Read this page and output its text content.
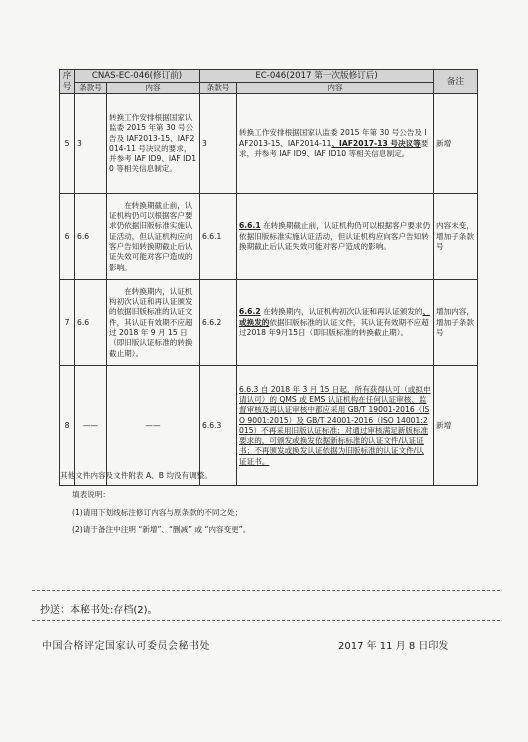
序号	CNAS-EC-046(修订前)		EC-046(2017 第一次版修订后)		备注
	条款号	内容	条款号	内容	
5	3	转换工作安排根据国家认监委 2015 年第 30 号公告及 IAF2013-15、IAF2014-11 号决议的要求，并参考 IAF ID9、IAF ID10 等相关信息制定。	3	转换工作安排根据国家认监委 2015 年第 30 号公告及 IAF2013-15、IAF2014-11、IAF2017-13 号决议等要求，并参考 IAF ID9、IAF ID10 等相关信息制定。	新增
6	6.6	在转换期截止前，认证机构仍可以根据客户要求仍依据旧版标准实施认证活动，但认证机构应向客户告知转换期截止后认证失效可能对客户造成的影响。	6.6.1	6.6.1 在转换期截止前，认证机构仍可以根据客户要求仍依据旧版标准实施认证活动，但认证机构应向客户告知转换期截止后认证失效可能对客户造成的影响。	内容未变，增加子条款号
7	6.6	在转换期内，认证机构初次认证和再认证颁发的依据旧版标准的认证文件，其认证有效期不应超过 2018 年 9 月 15 日（即旧版认证标准的转换截止期）。	6.6.2	6.6.2 在转换期内，认证机构初次认证和再认证颁发的、或换发的依据旧版标准的认证文件，其认证有效期不应超过2018 年9月15日（即旧版标准的转换截止期）。	增加内容，增加子条款号
8	——	——	6.6.3	6.6.3 自 2018 年 3 月 15 日起，所有获得认可（或拟申请认可）的 QMS 或 EMS 认证机构在任何认证审核、监督审核及再认证审核中都应采用 GB/T 19001-2016（ISO 9001:2015）及 GB/T 24001-2016（ISO 14001:2015）不再采用旧版认证标准；对通过审核满足新版标准要求的，可颁发或换发依据新标标准的认证文件/认证证书；不再颁发或换发认证依据为旧版标准的认证文件/认证证书。	新增
其他文件内容及文件附表 A、B 均没有调整。
填表说明：
(1)请用下划线标注修订内容与原条款的不同之处；
(2)请于备注中注明 “新增”、“删减” 或 “内容变更”。
抄送：本秘书处:存档(2)。
中国合格评定国家认可委员会秘书处	2017 年 11 月 8 日印发
